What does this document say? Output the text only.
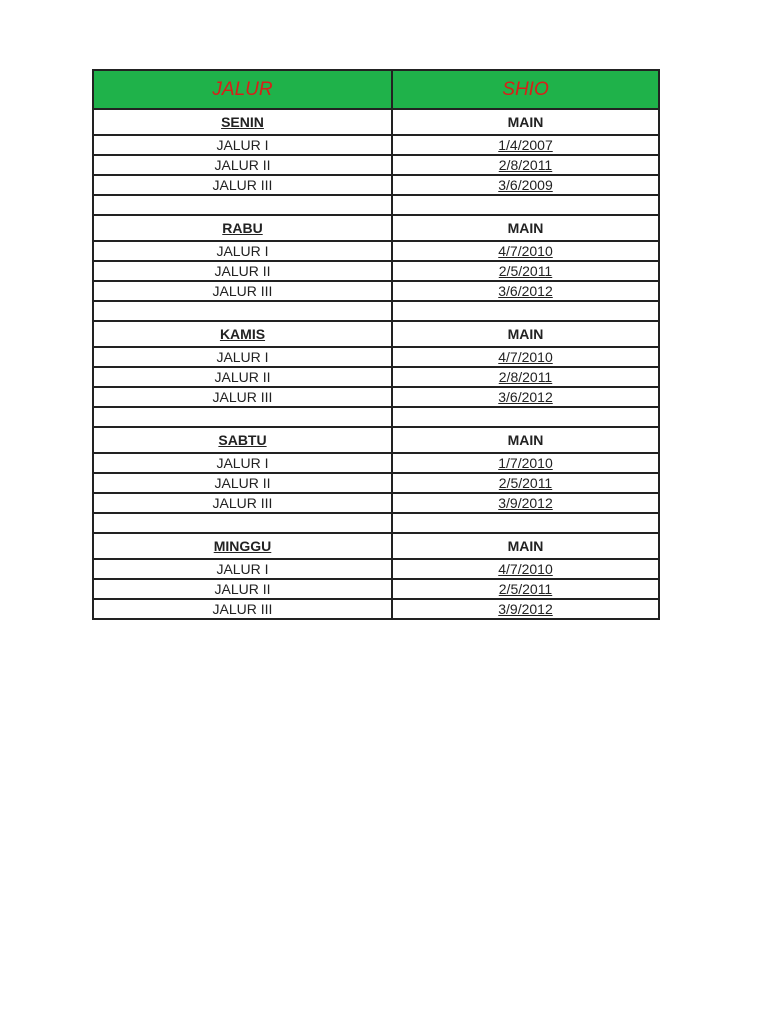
JALUR	SHIO
SENIN	MAIN
JALUR I	1/4/2007
JALUR II	2/8/2011
JALUR III	3/6/2009

RABU	MAIN
JALUR I	4/7/2010
JALUR II	2/5/2011
JALUR III	3/6/2012

KAMIS	MAIN
JALUR I	4/7/2010
JALUR II	2/8/2011
JALUR III	3/6/2012

SABTU	MAIN
JALUR I	1/7/2010
JALUR II	2/5/2011
JALUR III	3/9/2012

MINGGU	MAIN
JALUR I	4/7/2010
JALUR II	2/5/2011
JALUR III	3/9/2012
